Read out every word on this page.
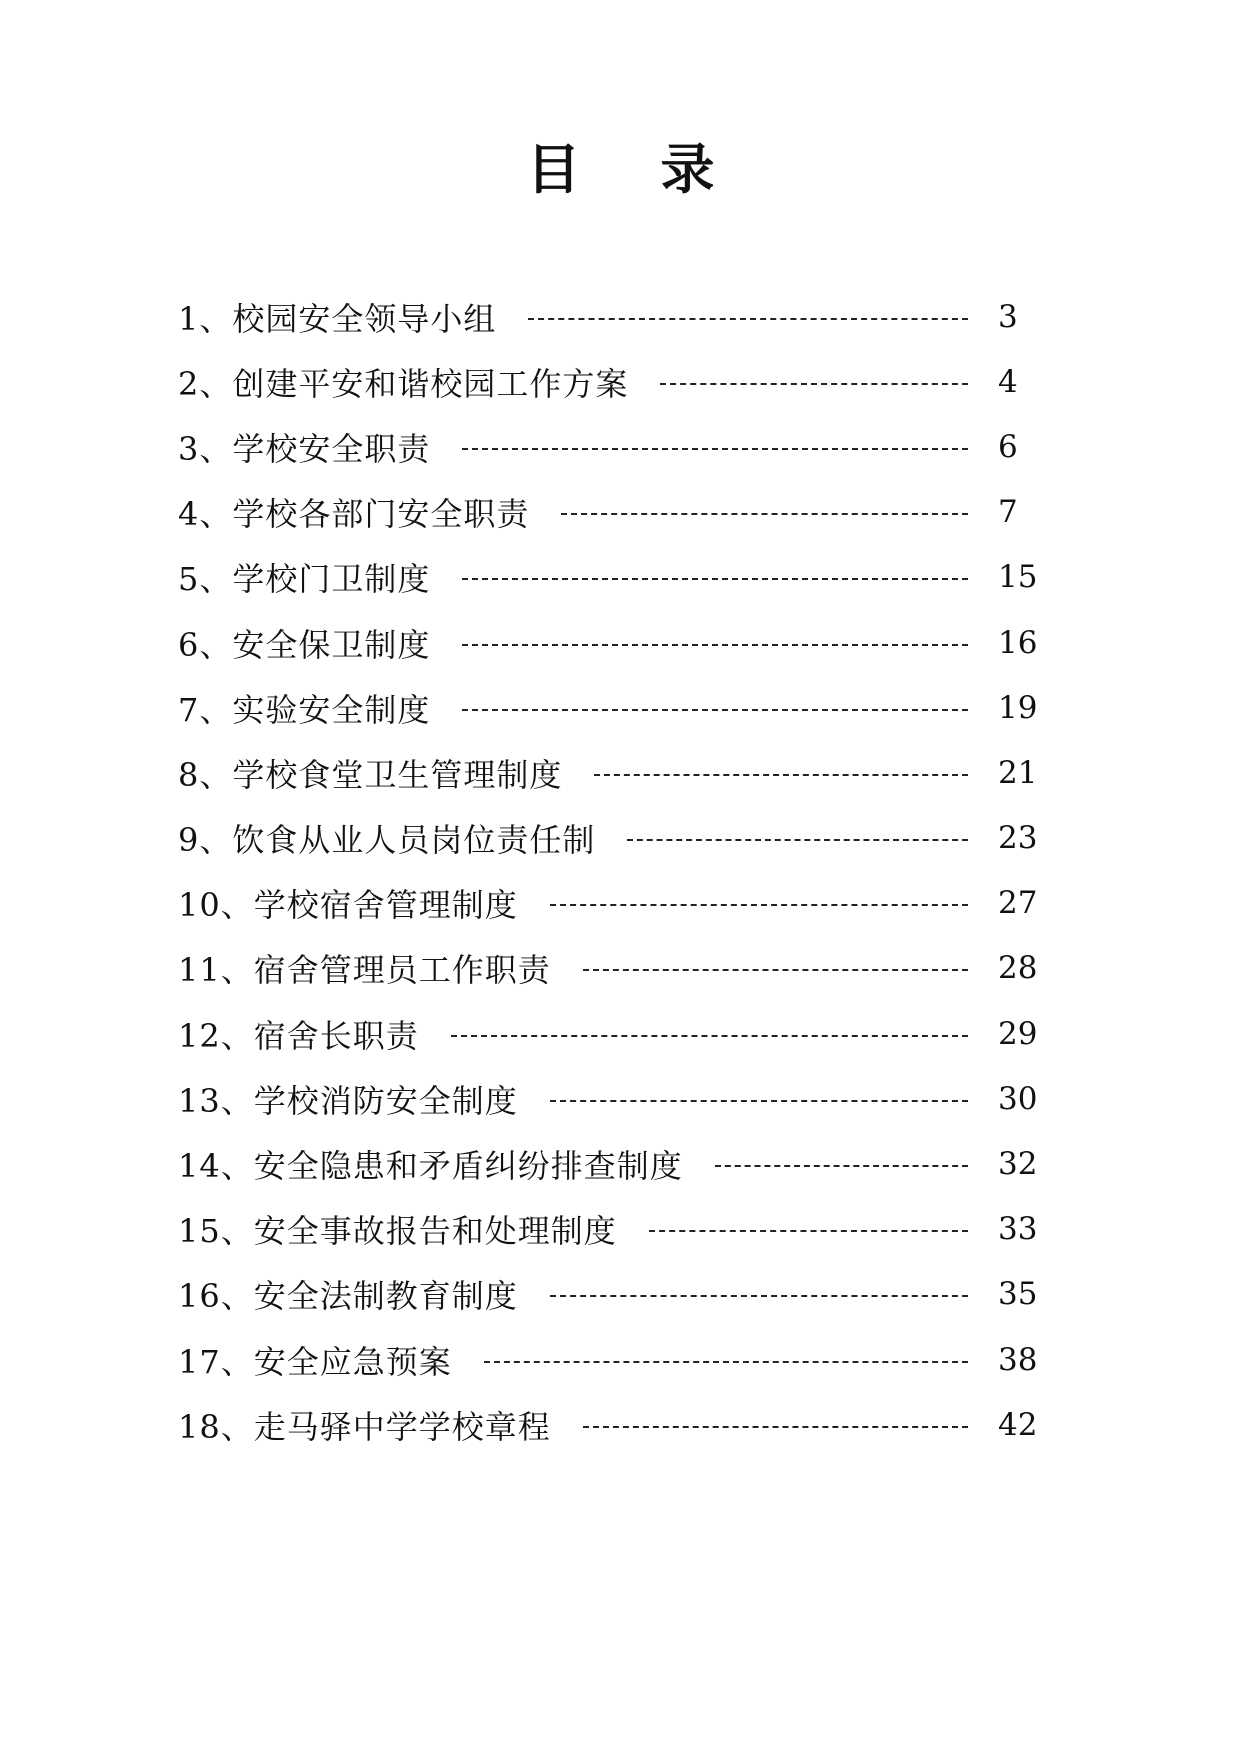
目录
1、校园安全领导小组	3
2、创建平安和谐校园工作方案	4
3、学校安全职责	6
4、学校各部门安全职责	7
5、学校门卫制度	15
6、安全保卫制度	16
7、实验安全制度	19
8、学校食堂卫生管理制度	21
9、饮食从业人员岗位责任制	23
10、学校宿舍管理制度	27
11、宿舍管理员工作职责	28
12、宿舍长职责	29
13、学校消防安全制度	30
14、安全隐患和矛盾纠纷排查制度	32
15、安全事故报告和处理制度	33
16、安全法制教育制度	35
17、安全应急预案	38
18、走马驿中学学校章程	42
